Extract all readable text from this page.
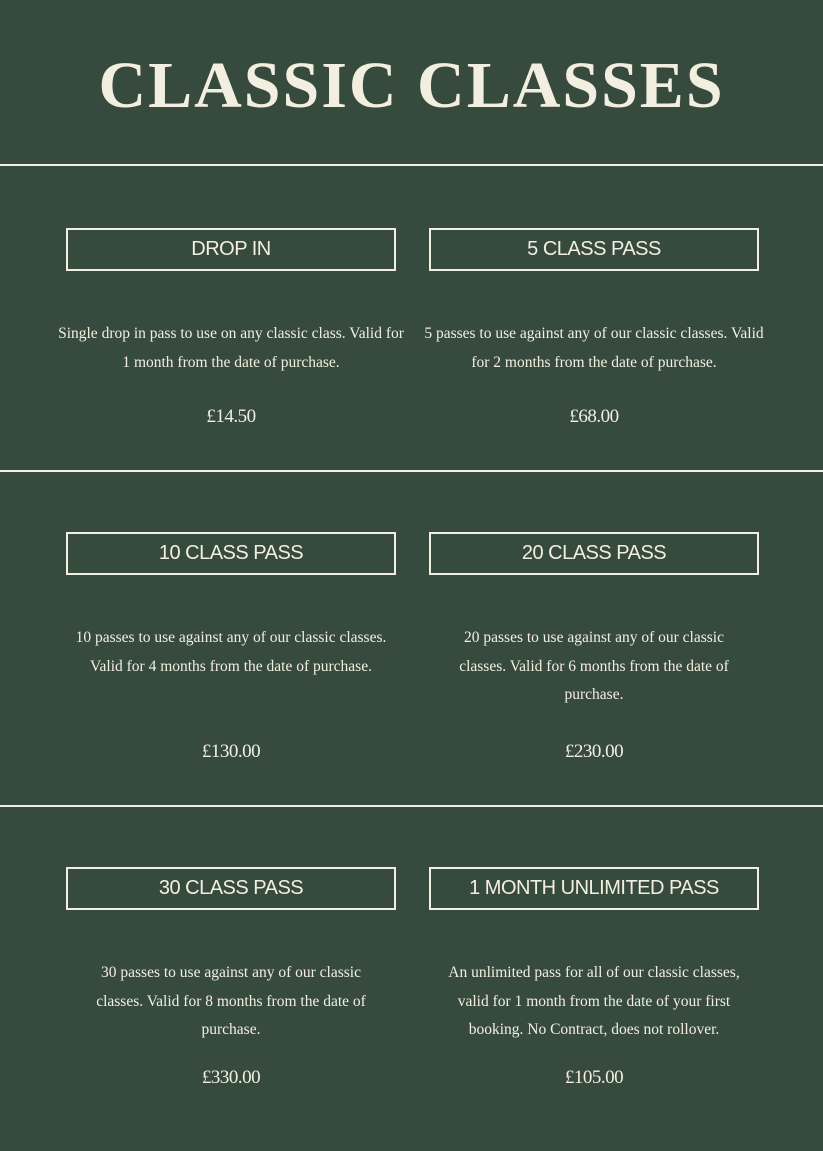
CLASSIC CLASSES
DROP IN
Single drop in pass to use on any classic class. Valid for 1 month from the date of purchase.
£14.50
5 CLASS PASS
5 passes to use against any of our classic classes. Valid for 2 months from the date of purchase.
£68.00
10 CLASS PASS
10 passes to use against any of our classic classes. Valid for 4 months from the date of purchase.
£130.00
20 CLASS PASS
20 passes to use against any of our classic classes. Valid for 6 months from the date of purchase.
£230.00
30 CLASS PASS
30 passes to use against any of our classic classes. Valid for 8 months from the date of purchase.
£330.00
1 MONTH UNLIMITED PASS
An unlimited pass for all of our classic classes, valid for 1 month from the date of your first booking. No Contract, does not rollover.
£105.00
